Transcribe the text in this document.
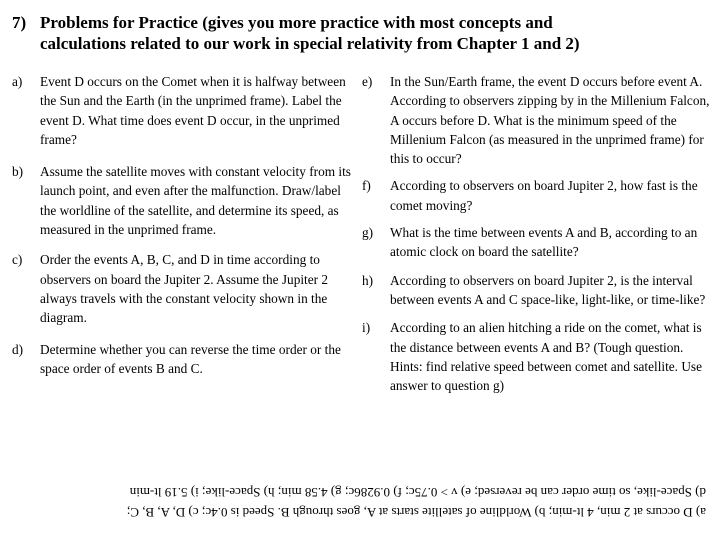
7) Problems for Practice (gives you more practice with most concepts and
calculations related to our work in special relativity from Chapter 1 and 2)
a) Event D occurs on the Comet when it is halfway between the Sun and the Earth (in the unprimed frame). Label the event D. What time does event D occur, in the unprimed frame?
b) Assume the satellite moves with constant velocity from its launch point, and even after the malfunction. Draw/label the worldline of the satellite, and determine its speed, as measured in the unprimed frame.
c) Order the events A, B, C, and D in time according to observers on board the Jupiter 2. Assume the Jupiter 2 always travels with the constant velocity shown in the diagram.
d) Determine whether you can reverse the time order or the space order of events B and C.
e) In the Sun/Earth frame, the event D occurs before event A. According to observers zipping by in the Millenium Falcon, A occurs before D. What is the minimum speed of the Millenium Falcon (as measured in the unprimed frame) for this to occur?
f) According to observers on board Jupiter 2, how fast is the comet moving?
g) What is the time between events A and B, according to an atomic clock on board the satellite?
h) According to observers on board Jupiter 2, is the interval between events A and C space-like, light-like, or time-like?
i) According to an alien hitching a ride on the comet, what is the distance between events A and B? (Tough question. Hints: find relative speed between comet and satellite. Use answer to question g)
a) D occurs at 2 min, 4 lt-min; b) Worldline of satellite starts at A, goes through B. Speed is 0.4c; c) D, A, B, C;
d) Space-like, so time order can be reversed; e) v > 0.75c; f) 0.9286c; g) 4.58 min; h) Space-like; i) 5.19 lt-min
